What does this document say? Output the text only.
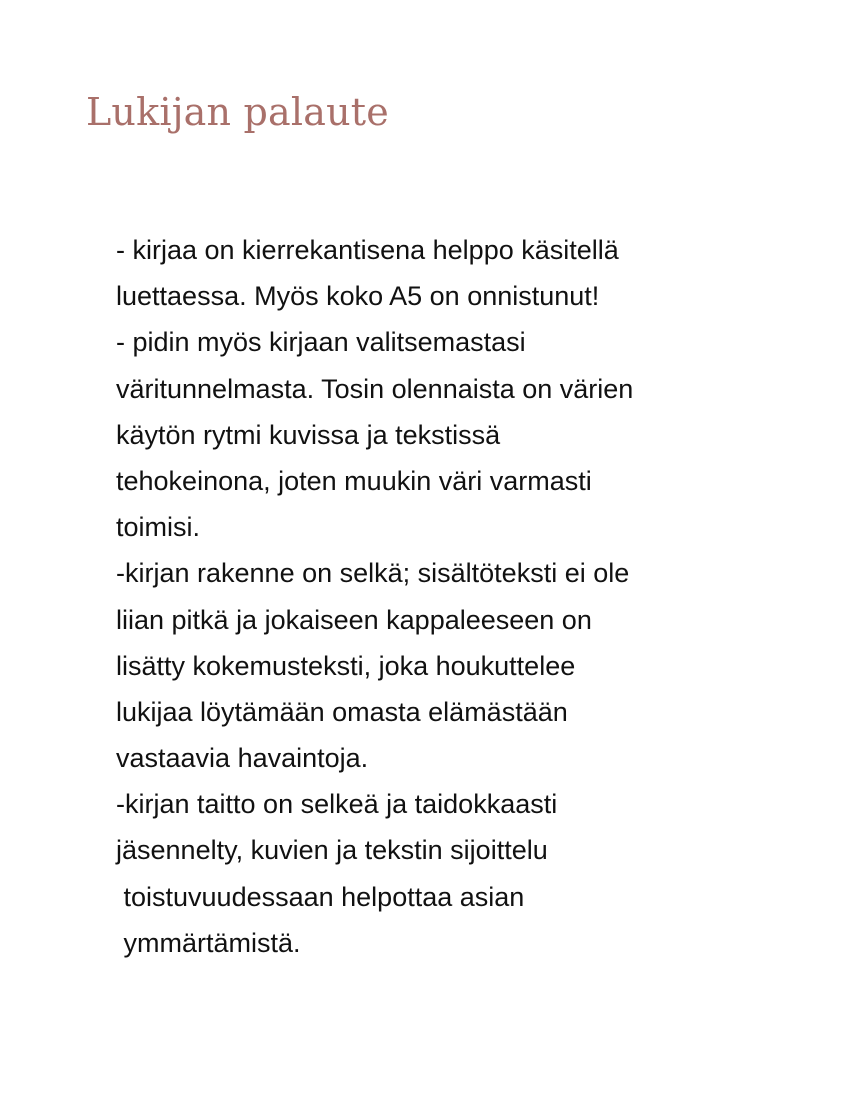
Lukijan palaute
- kirjaa on kierrekantisena helppo käsitellä
luettaessa. Myös koko A5 on onnistunut!
- pidin myös kirjaan valitsemastasi
väritunnelmasta. Tosin olennaista on värien
käytön rytmi kuvissa ja tekstissä
tehokeinona, joten muukin väri varmasti
toimisi.
-kirjan rakenne on selkä; sisältöteksti ei ole
liian pitkä ja jokaiseen kappaleeseen on
lisätty kokemusteksti, joka houkuttelee
lukijaa löytämään omasta elämästään
vastaavia havaintoja.
-kirjan taitto on selkeä ja taidokkaasti
jäsennelty, kuvien ja tekstin sijoittelu
toistuvuudessaan helpottaa asian
ymmärtämistä.
